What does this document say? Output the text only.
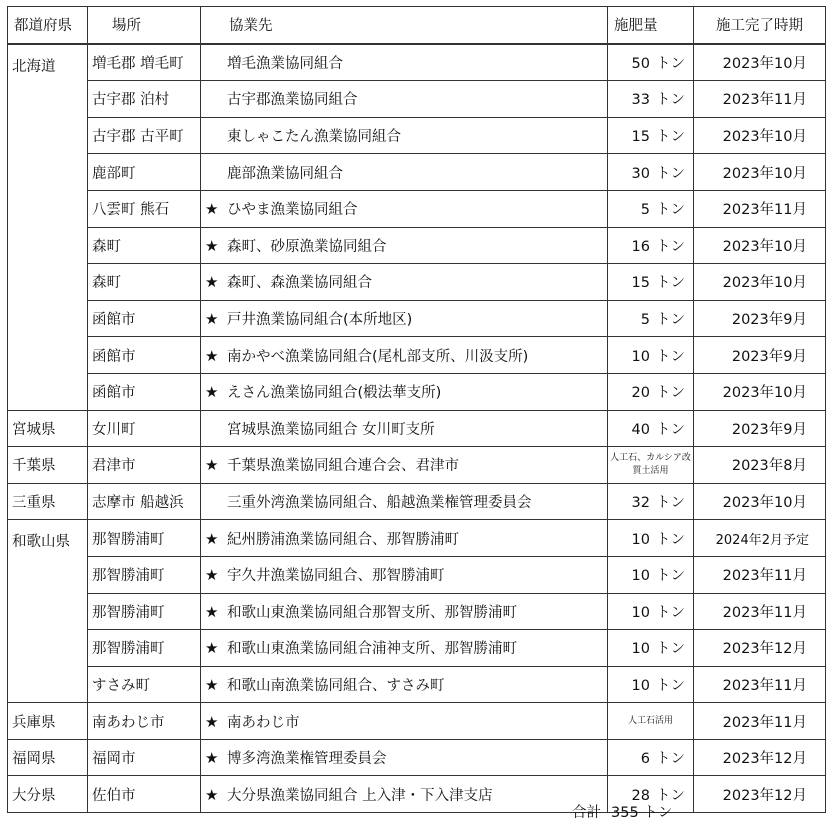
都道府県	場所	協業先	施肥量	施工完了時期
北海道	増毛郡 増毛町	増毛漁業協同組合	50 トン	2023年10月
	古宇郡 泊村	古宇郡漁業協同組合	33 トン	2023年11月
	古宇郡 古平町	東しゃこたん漁業協同組合	15 トン	2023年10月
	鹿部町	鹿部漁業協同組合	30 トン	2023年10月
	八雲町 熊石	★ ひやま漁業協同組合	5 トン	2023年11月
	森町	★ 森町、砂原漁業協同組合	16 トン	2023年10月
	森町	★ 森町、森漁業協同組合	15 トン	2023年10月
	函館市	★ 戸井漁業協同組合(本所地区)	5 トン	2023年9月
	函館市	★ 南かやべ漁業協同組合(尾札部支所、川汲支所)	10 トン	2023年9月
	函館市	★ えさん漁業協同組合(椴法華支所)	20 トン	2023年10月
宮城県	女川町	宮城県漁業協同組合 女川町支所	40 トン	2023年9月
千葉県	君津市	★ 千葉県漁業協同組合連合会、君津市	人工石、カルシア改質土活用	2023年8月
三重県	志摩市 船越浜	三重外湾漁業協同組合、船越漁業権管理委員会	32 トン	2023年10月
和歌山県	那智勝浦町	★ 紀州勝浦漁業協同組合、那智勝浦町	10 トン	2024年2月予定
	那智勝浦町	★ 宇久井漁業協同組合、那智勝浦町	10 トン	2023年11月
	那智勝浦町	★ 和歌山東漁業協同組合那智支所、那智勝浦町	10 トン	2023年11月
	那智勝浦町	★ 和歌山東漁業協同組合浦神支所、那智勝浦町	10 トン	2023年12月
	すさみ町	★ 和歌山南漁業協同組合、すさみ町	10 トン	2023年11月
兵庫県	南あわじ市	★ 南あわじ市	人工石活用	2023年11月
福岡県	福岡市	★ 博多湾漁業権管理委員会	6 トン	2023年12月
大分県	佐伯市	★ 大分県漁業協同組合 上入津・下入津支店	28 トン	2023年12月
合計 355 トン
